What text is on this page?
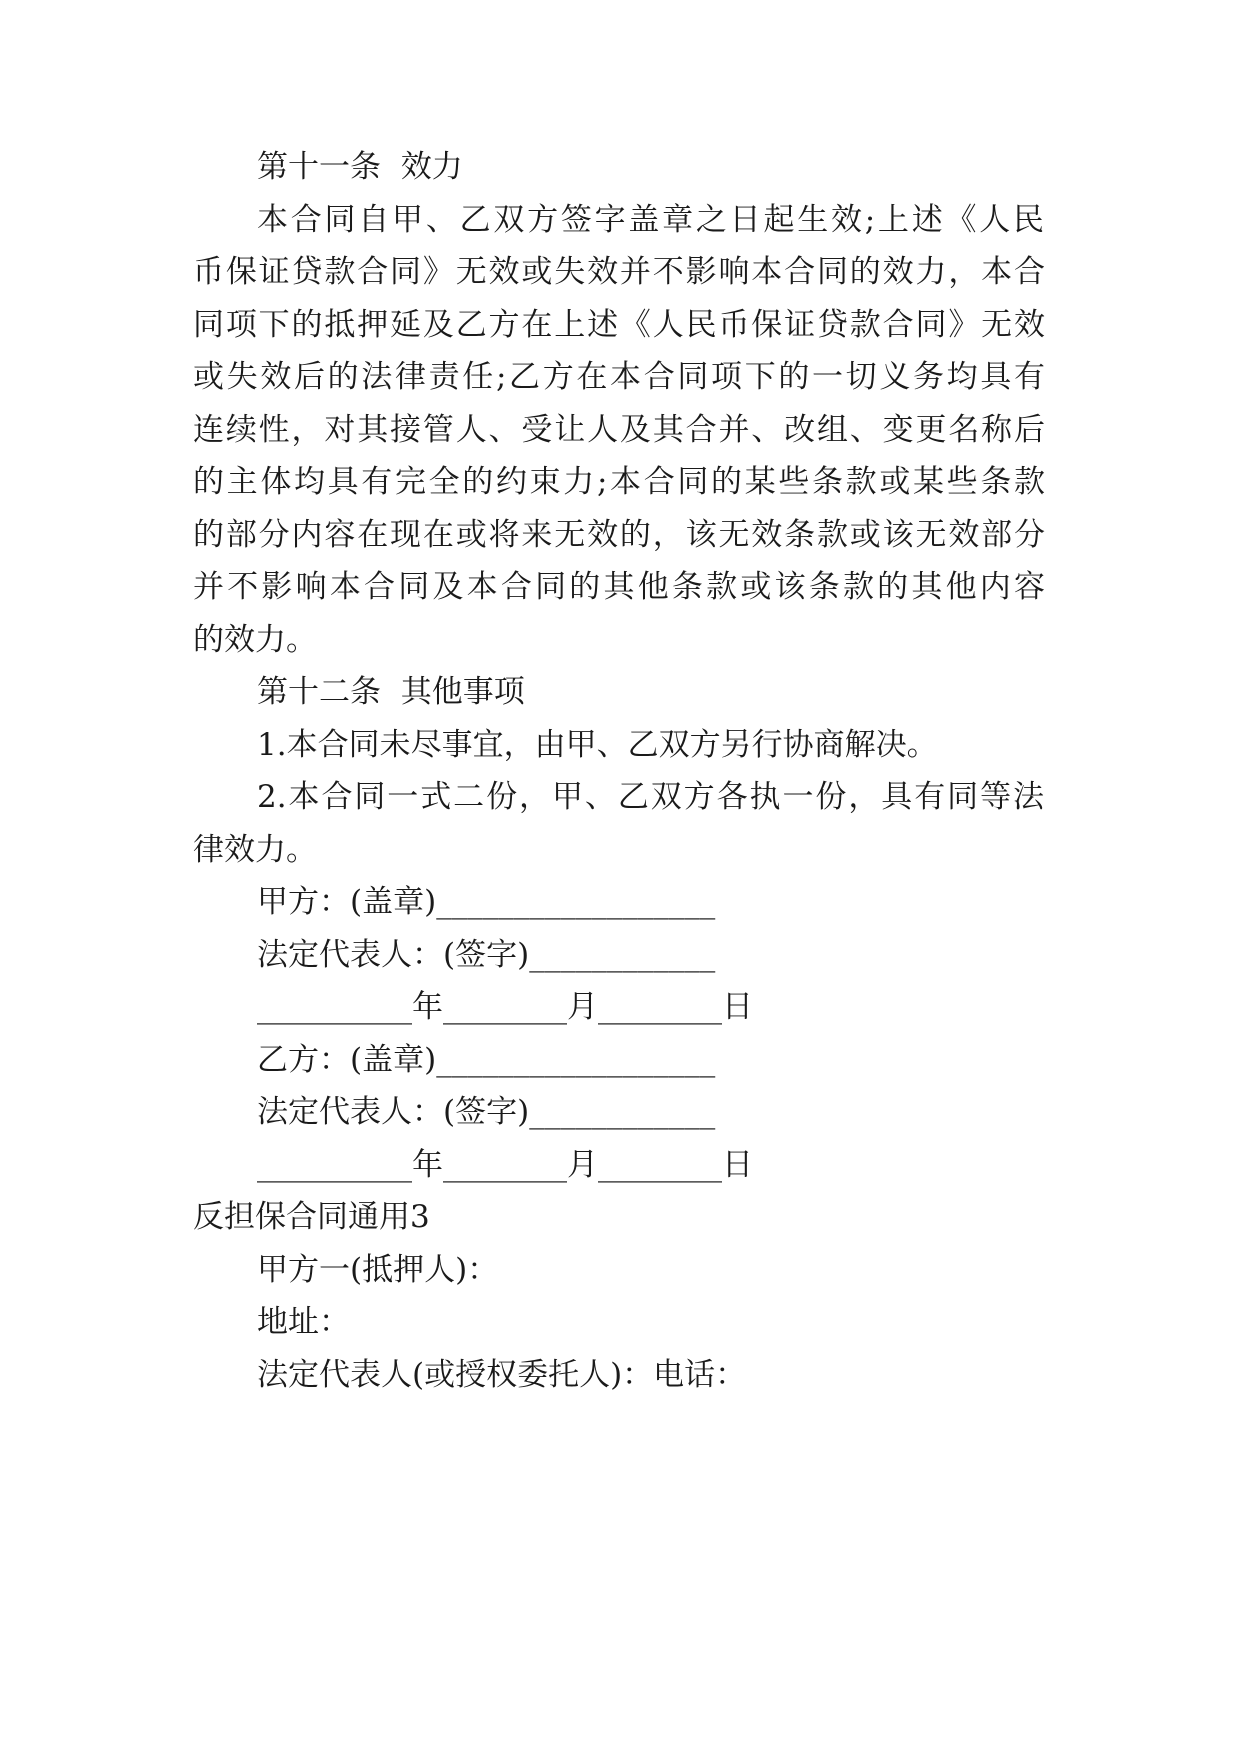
第十一条  效力
本合同自甲、乙双方签字盖章之日起生效;上述《人民
币保证贷款合同》无效或失效并不影响本合同的效力，本合
同项下的抵押延及乙方在上述《人民币保证贷款合同》无效
或失效后的法律责任;乙方在本合同项下的一切义务均具有
连续性，对其接管人、受让人及其合并、改组、变更名称后
的主体均具有完全的约束力;本合同的某些条款或某些条款
的部分内容在现在或将来无效的，该无效条款或该无效部分
并不影响本合同及本合同的其他条款或该条款的其他内容
的效力。
第十二条  其他事项
1.本合同未尽事宜，由甲、乙双方另行协商解决。
2.本合同一式二份，甲、乙双方各执一份，具有同等法
律效力。
甲方：(盖章)__________________
法定代表人：(签字)____________
__________年________月________日
乙方：(盖章)__________________
法定代表人：(签字)____________
__________年________月________日
反担保合同通用3
甲方一(抵押人)：
地址：
法定代表人(或授权委托人)：电话：
